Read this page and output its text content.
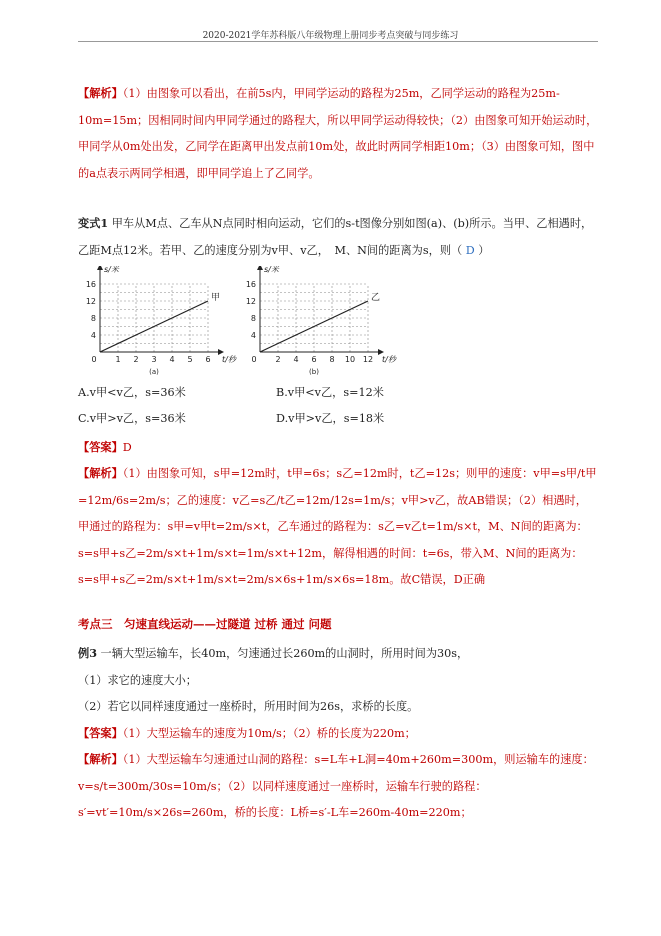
2020-2021学年苏科版八年级物理上册同步考点突破与同步练习
【解析】（1）由图象可以看出，在前5s内，甲同学运动的路程为25m，乙同学运动的路程为25m-10m=15m；因相同时间内甲同学通过的路程大，所以甲同学运动得较快；（2）由图象可知开始运动时，甲同学从0m处出发，乙同学在距离甲出发点前10m处，故此时两同学相距10m；（3）由图象可知，图中的a点表示两同学相遇，即甲同学追上了乙同学。
变式1 甲车从M点、乙车从N点同时相向运动，它们的s-t图像分别如图(a)、(b)所示。当甲、乙相遇时，乙距M点12米。若甲、乙的速度分别为v甲、v乙，　M、N间的距离为s，则（ D ）
4
8
12
16
1 2 3 4 5 6
0
s/米
t/秒
甲
(a)
4
8
12
16
2 4 6 8 10 12
0
s/米
t/秒
乙
(b)
A.v甲<v乙，s=36米	B.v甲<v乙，s=12米
C.v甲>v乙，s=36米	D.v甲>v乙，s=18米
【答案】D
【解析】（1）由图象可知，s甲=12m时，t甲=6s；s乙=12m时，t乙=12s；则甲的速度：v甲=s甲/t甲=12m/6s=2m/s；乙的速度：v乙=s乙/t乙=12m/12s=1m/s；v甲>v乙，故AB错误；（2）相遇时，甲通过的路程为：s甲=v甲t=2m/s×t，乙车通过的路程为：s乙=v乙t=1m/s×t，M、N间的距离为：s=s甲+s乙=2m/s×t+1m/s×t=1m/s×t+12m，解得相遇的时间：t=6s，带入M、N间的距离为：s=s甲+s乙=2m/s×t+1m/s×t=2m/s×6s+1m/s×6s=18m。故C错误，D正确
考点三　匀速直线运动——过隧道 过桥 通过 问题
例3 一辆大型运输车，长40m，匀速通过长260m的山洞时，所用时间为30s，
（1）求它的速度大小；
（2）若它以同样速度通过一座桥时，所用时间为26s，求桥的长度。
【答案】（1）大型运输车的速度为10m/s；（2）桥的长度为220m；
【解析】（1）大型运输车匀速通过山洞的路程：s=L车+L洞=40m+260m=300m，则运输车的速度：v=s/t=300m/30s=10m/s；（2）以同样速度通过一座桥时，运输车行驶的路程：s′=vt′=10m/s×26s=260m，桥的长度：L桥=s′-L车=260m-40m=220m；
